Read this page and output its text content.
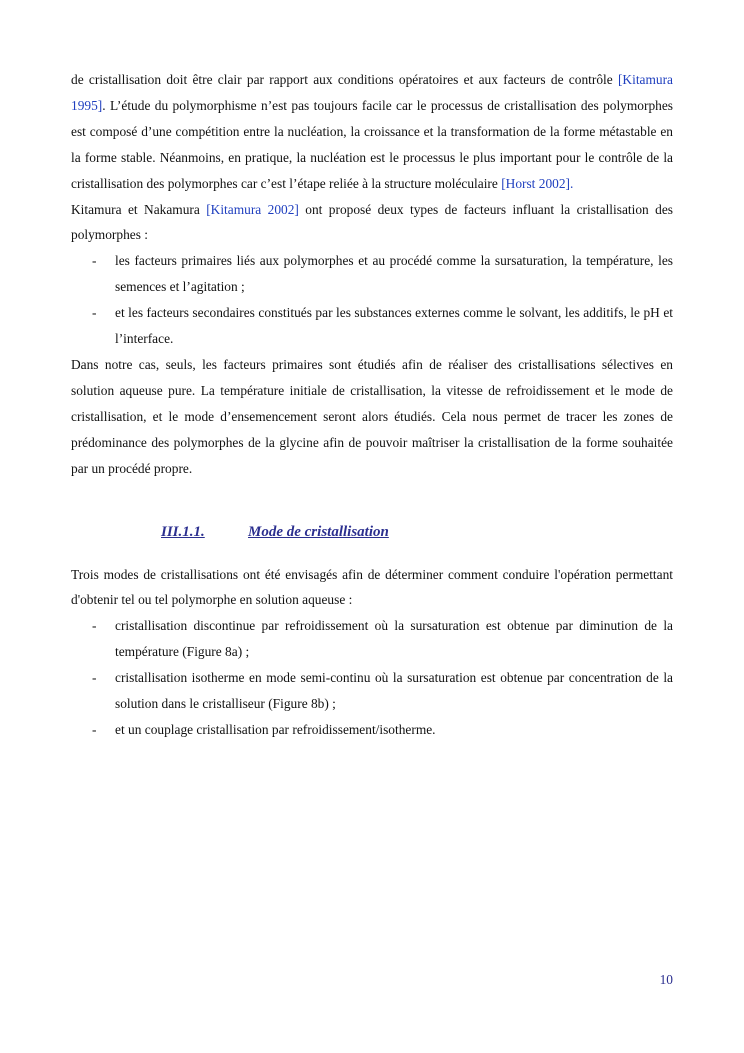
de cristallisation doit être clair par rapport aux conditions opératoires et aux facteurs de contrôle [Kitamura 1995]. L’étude du polymorphisme n’est pas toujours facile car le processus de cristallisation des polymorphes est composé d’une compétition entre la nucléation, la croissance et la transformation de la forme métastable en la forme stable. Néanmoins, en pratique, la nucléation est le processus le plus important pour le contrôle de la cristallisation des polymorphes car c’est l’étape reliée à la structure moléculaire [Horst 2002].

Kitamura et Nakamura [Kitamura 2002] ont proposé deux types de facteurs influant la cristallisation des polymorphes :

- les facteurs primaires liés aux polymorphes et au procédé comme la sursaturation, la température, les semences et l’agitation ;
- et les facteurs secondaires constitués par les substances externes comme le solvant, les additifs, le pH et l’interface.

Dans notre cas, seuls, les facteurs primaires sont étudiés afin de réaliser des cristallisations sélectives en solution aqueuse pure. La température initiale de cristallisation, la vitesse de refroidissement et le mode de cristallisation, et le mode d’ensemencement seront alors étudiés. Cela nous permet de tracer les zones de prédominance des polymorphes de la glycine afin de pouvoir maîtriser la cristallisation de la forme souhaitée par un procédé propre.

III.1.1.	Mode de cristallisation

Trois modes de cristallisations ont été envisagés afin de déterminer comment conduire l'opération permettant d'obtenir tel ou tel polymorphe en solution aqueuse :

- cristallisation discontinue par refroidissement où la sursaturation est obtenue par diminution de la température (Figure 8a) ;
- cristallisation isotherme en mode semi-continu où la sursaturation est obtenue par concentration de la solution dans le cristalliseur (Figure 8b) ;
- et un couplage cristallisation par refroidissement/isotherme.
10
